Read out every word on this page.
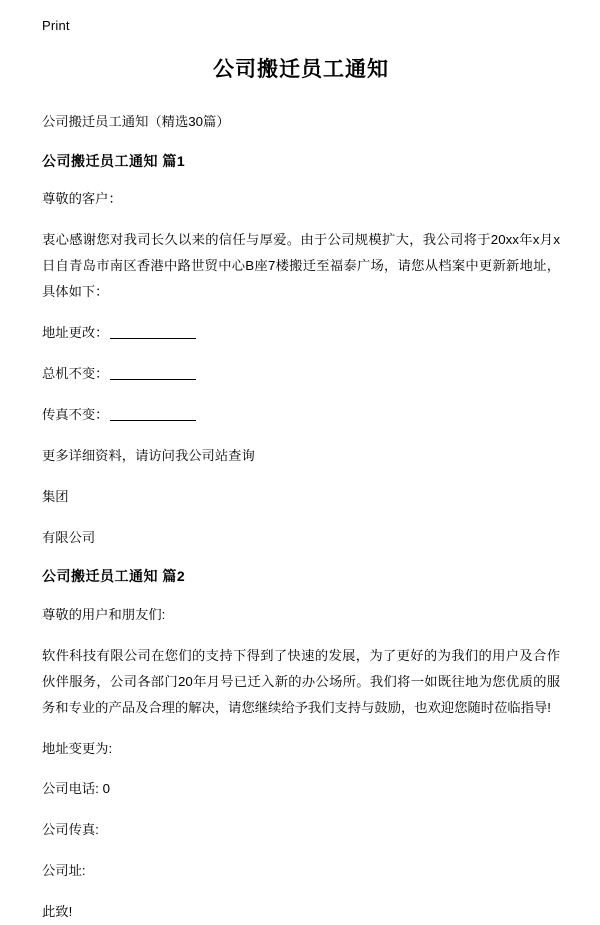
Print
公司搬迁员工通知

公司搬迁员工通知（精选30篇）

公司搬迁员工通知 篇1

尊敬的客户：

衷心感谢您对我司长久以来的信任与厚爱。由于公司规模扩大，我公司将于20xx年x月x日自青岛市南区香港中路世贸中心B座7楼搬迁至福泰广场，请您从档案中更新新地址，具体如下：

地址更改：

总机不变：

传真不变：

更多详细资料，请访问我公司站查询

集团

有限公司

公司搬迁员工通知 篇2

尊敬的用户和朋友们:

软件科技有限公司在您们的支持下得到了快速的发展，为了更好的为我们的用户及合作伙伴服务，公司各部门20年月号已迁入新的办公场所。我们将一如既往地为您优质的服务和专业的产品及合理的解决，请您继续给予我们支持与鼓励，也欢迎您随时莅临指导!

地址变更为:

公司电话: 0

公司传真:

公司址:

此致!
